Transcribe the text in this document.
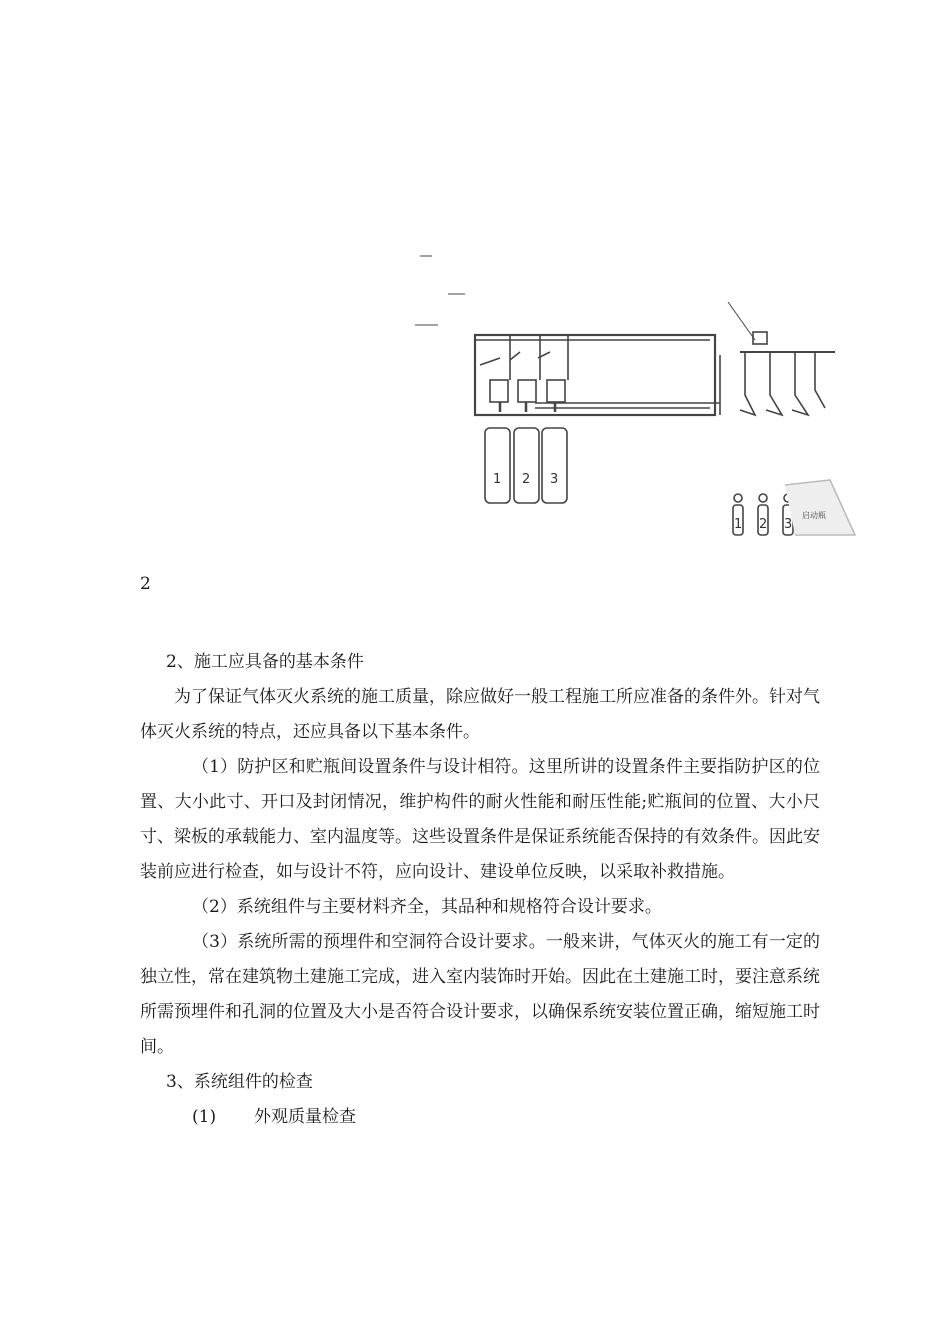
1 2 3
1 2 3
启动瓶
2

2、施工应具备的基本条件

为了保证气体灭火系统的施工质量，除应做好一般工程施工所应准备的条件外。针对气体灭火系统的特点，还应具备以下基本条件。

（1）防护区和贮瓶间设置条件与设计相符。这里所讲的设置条件主要指防护区的位置、大小此寸、开口及封闭情况，维护构件的耐火性能和耐压性能;贮瓶间的位置、大小尺寸、梁板的承载能力、室内温度等。这些设置条件是保证系统能否保持的有效条件。因此安装前应进行检查，如与设计不符，应向设计、建设单位反映，以采取补救措施。

（2）系统组件与主要材料齐全，其品种和规格符合设计要求。

（3）系统所需的预埋件和空洞符合设计要求。一般来讲，气体灭火的施工有一定的独立性，常在建筑物土建施工完成，进入室内装饰时开始。因此在土建施工时，要注意系统所需预埋件和孔洞的位置及大小是否符合设计要求，以确保系统安装位置正确，缩短施工时间。

3、系统组件的检查

(1) 外观质量检查
